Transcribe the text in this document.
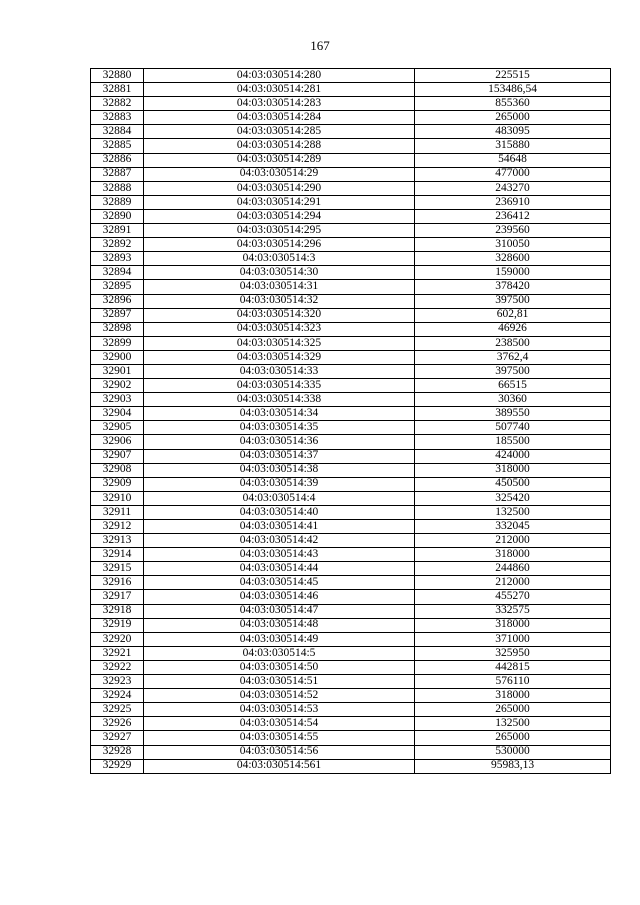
167
32880	04:03:030514:280	225515
32881	04:03:030514:281	153486,54
32882	04:03:030514:283	855360
32883	04:03:030514:284	265000
32884	04:03:030514:285	483095
32885	04:03:030514:288	315880
32886	04:03:030514:289	54648
32887	04:03:030514:29	477000
32888	04:03:030514:290	243270
32889	04:03:030514:291	236910
32890	04:03:030514:294	236412
32891	04:03:030514:295	239560
32892	04:03:030514:296	310050
32893	04:03:030514:3	328600
32894	04:03:030514:30	159000
32895	04:03:030514:31	378420
32896	04:03:030514:32	397500
32897	04:03:030514:320	602,81
32898	04:03:030514:323	46926
32899	04:03:030514:325	238500
32900	04:03:030514:329	3762,4
32901	04:03:030514:33	397500
32902	04:03:030514:335	66515
32903	04:03:030514:338	30360
32904	04:03:030514:34	389550
32905	04:03:030514:35	507740
32906	04:03:030514:36	185500
32907	04:03:030514:37	424000
32908	04:03:030514:38	318000
32909	04:03:030514:39	450500
32910	04:03:030514:4	325420
32911	04:03:030514:40	132500
32912	04:03:030514:41	332045
32913	04:03:030514:42	212000
32914	04:03:030514:43	318000
32915	04:03:030514:44	244860
32916	04:03:030514:45	212000
32917	04:03:030514:46	455270
32918	04:03:030514:47	332575
32919	04:03:030514:48	318000
32920	04:03:030514:49	371000
32921	04:03:030514:5	325950
32922	04:03:030514:50	442815
32923	04:03:030514:51	576110
32924	04:03:030514:52	318000
32925	04:03:030514:53	265000
32926	04:03:030514:54	132500
32927	04:03:030514:55	265000
32928	04:03:030514:56	530000
32929	04:03:030514:561	95983,13
